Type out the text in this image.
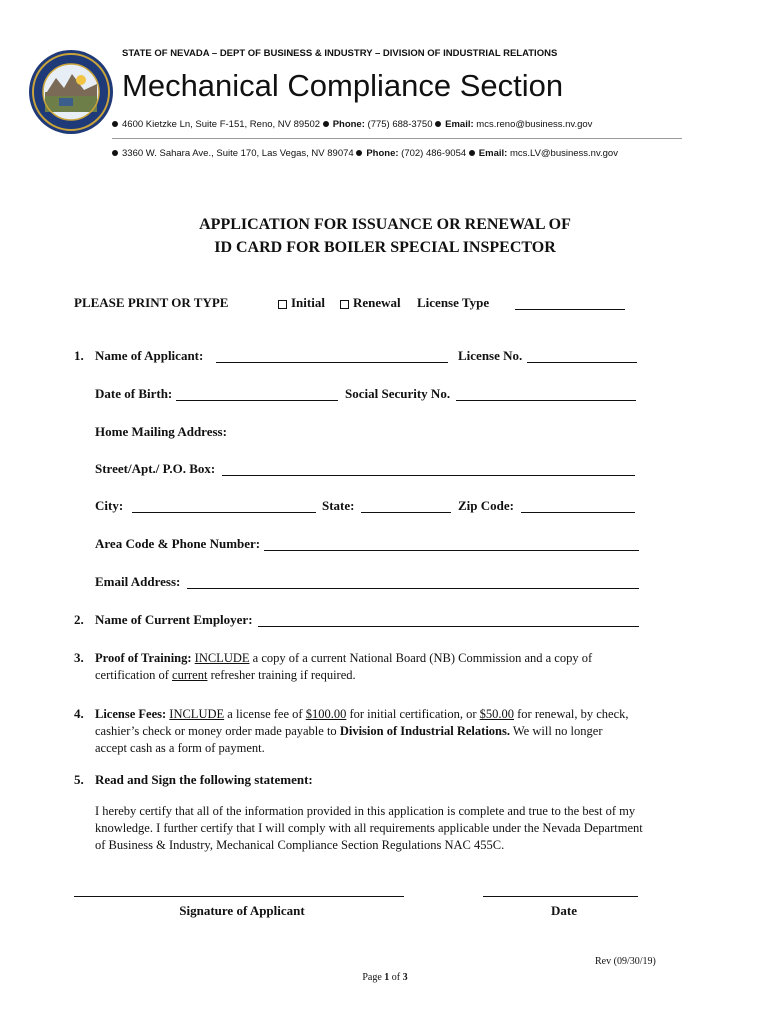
STATE OF NEVADA – DEPT OF BUSINESS & INDUSTRY – DIVISION OF INDUSTRIAL RELATIONS
Mechanical Compliance Section
4600 Kietzke Ln, Suite F-151, Reno, NV 89502 Phone: (775) 688-3750 Email: mcs.reno@business.nv.gov
3360 W. Sahara Ave., Suite 170, Las Vegas, NV 89074 Phone: (702) 486-9054 Email: mcs.LV@business.nv.gov
APPLICATION FOR ISSUANCE OR RENEWAL OF
ID CARD FOR BOILER SPECIAL INSPECTOR
PLEASE PRINT OR TYPE	Initial	Renewal License Type
1. Name of Applicant:	License No.
Date of Birth:	Social Security No.
Home Mailing Address:
Street/Apt./ P.O. Box:
City:	State:	Zip Code:
Area Code & Phone Number:
Email Address:
2. Name of Current Employer:
3. Proof of Training: INCLUDE a copy of a current National Board (NB) Commission and a copy of
certification of current refresher training if required.
4. License Fees: INCLUDE a license fee of $100.00 for initial certification, or $50.00 for renewal, by check,
cashier’s check or money order made payable to Division of Industrial Relations. We will no longer
accept cash as a form of payment.
5. Read and Sign the following statement:
I hereby certify that all of the information provided in this application is complete and true to the best of my
knowledge. I further certify that I will comply with all requirements applicable under the Nevada Department
of Business & Industry, Mechanical Compliance Section Regulations NAC 455C.
Signature of Applicant	Date
Rev (09/30/19)
Page 1 of 3
